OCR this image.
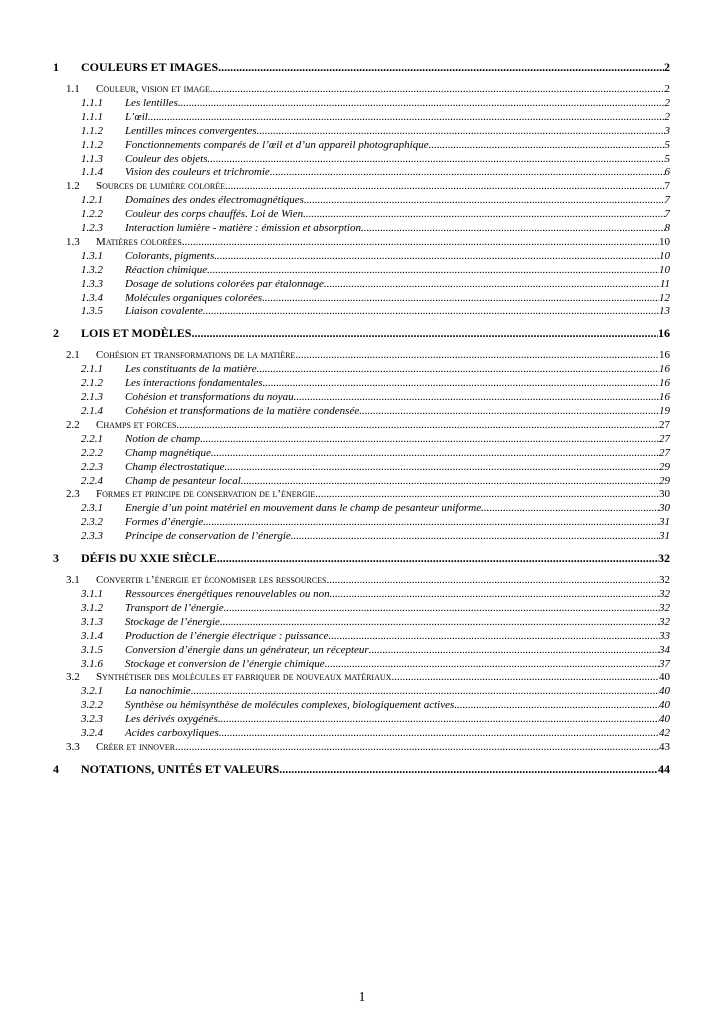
1 COULEURS ET IMAGES .....	2
1.1 Couleur, vision et image .....	2
1.1.1 Les lentilles .....	2
1.1.1 L’œil .....	2
1.1.2 Lentilles minces convergentes .....	3
1.1.2 Fonctionnements comparés de l’œil et d’un appareil photographique .....	5
1.1.3 Couleur des objets .....	5
1.1.4 Vision des couleurs et trichromie .....	6
1.2 Sources de lumière colorée .....	7
1.2.1 Domaines des ondes électromagnétiques .....	7
1.2.2 Couleur des corps chauffés. Loi de Wien .....	7
1.2.3 Interaction lumière - matière : émission et absorption .....	8
1.3 Matières colorées .....	10
1.3.1 Colorants, pigments .....	10
1.3.2 Réaction chimique .....	10
1.3.3 Dosage de solutions colorées par étalonnage .....	11
1.3.4 Molécules organiques colorées .....	12
1.3.5 Liaison covalente .....	13
2 LOIS ET MODÈLES .....	16
2.1 Cohésion et transformations de la matière .....	16
2.1.1 Les constituants de la matière .....	16
2.1.2 Les interactions fondamentales .....	16
2.1.3 Cohésion et transformations du noyau .....	16
2.1.4 Cohésion et transformations de la matière condensée .....	19
2.2 Champs et forces .....	27
2.2.1 Notion de champ .....	27
2.2.2 Champ magnétique .....	27
2.2.3 Champ électrostatique .....	29
2.2.4 Champ de pesanteur local .....	29
2.3 Formes et principe de conservation de l’énergie .....	30
2.3.1 Energie d’un point matériel en mouvement dans le champ de pesanteur uniforme .....	30
2.3.2 Formes d’énergie .....	31
2.3.3 Principe de conservation de l’énergie .....	31
3 DÉFIS DU XXIE SIÈCLE .....	32
3.1 Convertir l’énergie et économiser les ressources .....	32
3.1.1 Ressources énergétiques renouvelables ou non .....	32
3.1.2 Transport de l’énergie .....	32
3.1.3 Stockage de l’énergie .....	32
3.1.4 Production de l’énergie électrique : puissance .....	33
3.1.5 Conversion d’énergie dans un générateur, un récepteur .....	34
3.1.6 Stockage et conversion de l’énergie chimique .....	37
3.2 Synthétiser des molécules et fabriquer de nouveaux matériaux .....	40
3.2.1 La nanochimie .....	40
3.2.2 Synthèse ou hémisynthèse de molécules complexes, biologiquement actives .....	40
3.2.3 Les dérivés oxygénés .....	40
3.2.4 Acides carboxyliques .....	42
3.3 Créer et innover .....	43
4 NOTATIONS, UNITÉS ET VALEURS .....	44
1
